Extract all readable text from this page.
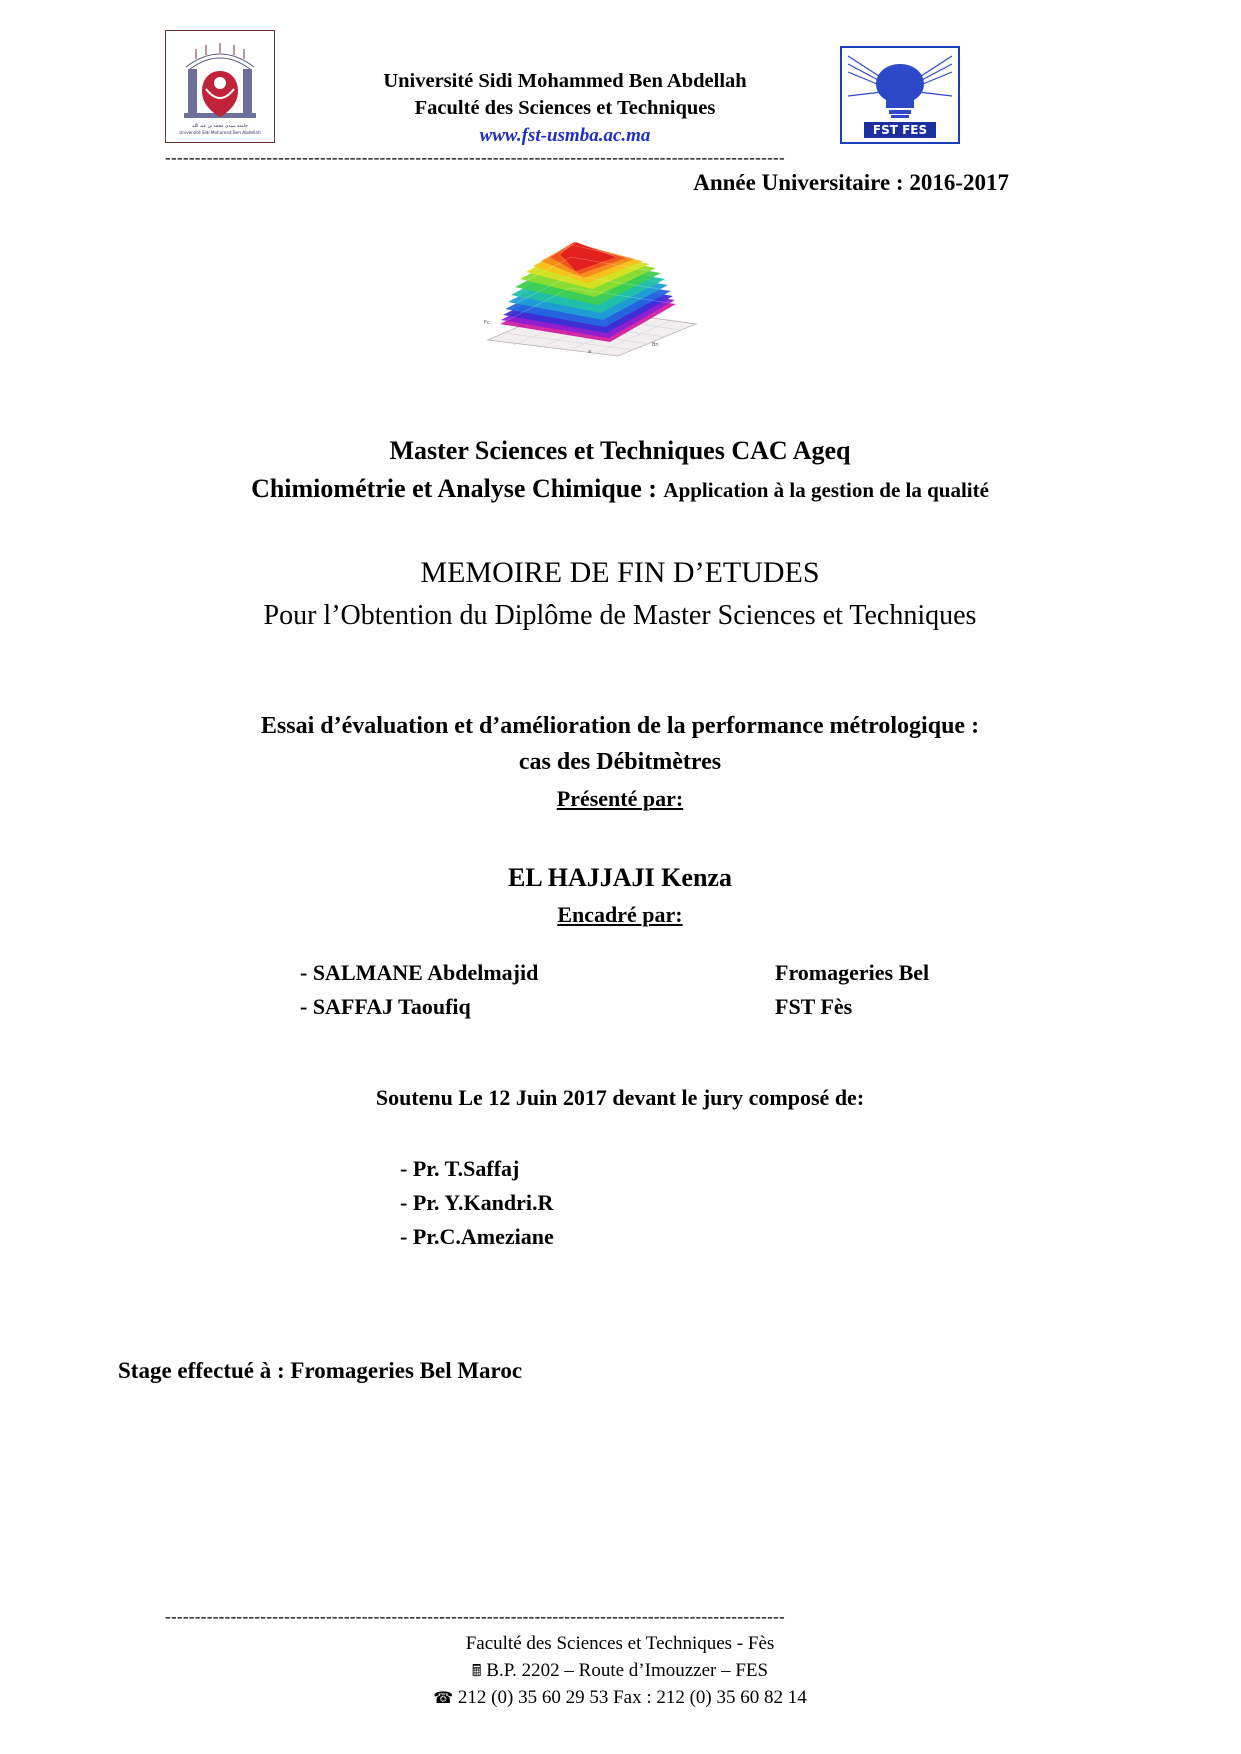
جامعة سيدي محمد بن عبد الله
Université Sidi Mohamed Ben Abdellah
Université Sidi Mohammed Ben Abdellah
Faculté des Sciences et Techniques
www.fst-usmba.ac.ma	FST FES
--------------------------------------------------------------------------------------------------------
Année Universitaire : 2016-2017
Fc
a
Bn
Master Sciences et Techniques CAC Ageq
Chimiométrie et Analyse Chimique : Application à la gestion de la qualité
MEMOIRE DE FIN D’ETUDES
Pour l’Obtention du Diplôme de Master Sciences et Techniques
Essai d’évaluation et d’amélioration de la performance métrologique :
cas des Débitmètres
Présenté par:
EL HAJJAJI Kenza
Encadré par:
- SALMANE Abdelmajid	Fromageries Bel
- SAFFAJ Taoufiq	FST Fès
Soutenu Le 12 Juin 2017 devant le jury composé de:
- Pr. T.Saffaj
- Pr. Y.Kandri.R
- Pr.C.Ameziane
Stage effectué à : Fromageries Bel Maroc
--------------------------------------------------------------------------------------------------------
Faculté des Sciences et Techniques - Fès
🖩 B.P. 2202 – Route d’Imouzzer – FES
☎ 212 (0) 35 60 29 53 Fax : 212 (0) 35 60 82 14
